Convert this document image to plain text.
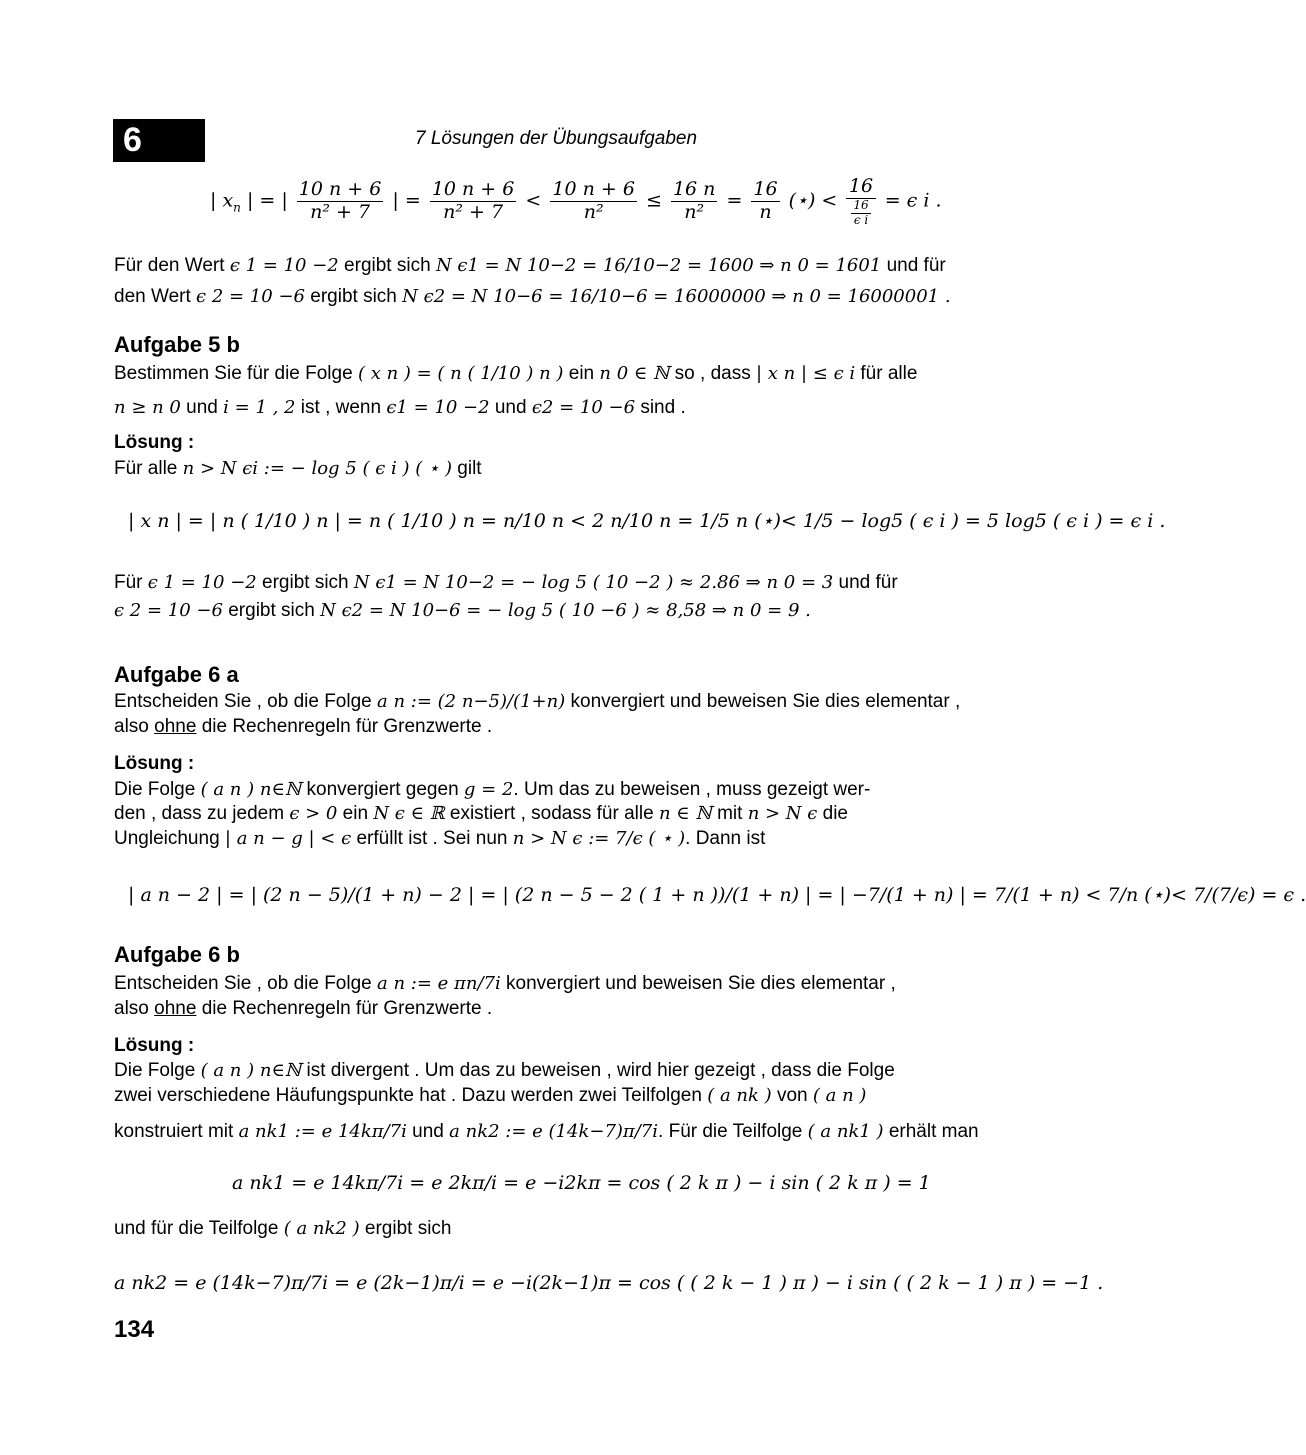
6	7 Lösungen der Übungsaufgaben
| $x_n$ | = | $\frac{10 n + 6}{\text{n² + 7}}$ | = $\frac{10 n + 6}{\text{n² + 7}} < \frac{10 n + 6}{\text{n²}} \le \frac{16 n}{\text{n²}} = \frac{16}{n}$ (⋆) < $\frac{16}{\frac{16}{\text{ϵ i}}} = \epsilon$ i .
Für den Wert ϵ 1 = 10 −2 ergibt sich N ϵ1 = N 10−2 = 16/10−2 = 1600 ⇒ n 0 = 1601 und für
den Wert ϵ 2 = 10 −6 ergibt sich N ϵ2 = N 10−6 = 16/10−6 = 16000000 ⇒ n 0 = 16000001 .
Aufgabe 5 b
Bestimmen Sie für die Folge ( x n ) = ( n ( 1/10 ) n ) ein n 0 ∈ ℕ so , dass | x n | ≤ ϵ i für alle
n ≥ n 0 und i = 1 , 2 ist , wenn ϵ1 = 10 −2 und ϵ2 = 10 −6 sind .
Lösung :
Für alle n > N ϵi := − log 5 ( ϵ i ) ( ⋆ ) gilt
| x n | = | n ( 1/10 ) n | = n ( 1/10 ) n = n/10 n < 2 n/10 n = 1/5 n (⋆)< 1/5 − log5 ( ϵ i ) = 5 log5 ( ϵ i ) = ϵ i .
Für ϵ 1 = 10 −2 ergibt sich N ϵ1 = N 10−2 = − log 5 ( 10 −2 ) ≈ 2.86 ⇒ n 0 = 3 und für
ϵ 2 = 10 −6 ergibt sich N ϵ2 = N 10−6 = − log 5 ( 10 −6 ) ≈ 8,58 ⇒ n 0 = 9 .
Aufgabe 6 a
Entscheiden Sie , ob die Folge a n := (2 n−5)/(1+n) konvergiert und beweisen Sie dies elementar ,
also ohne die Rechenregeln für Grenzwerte .
Lösung :
Die Folge ( a n ) n∈ℕ konvergiert gegen g = 2. Um das zu beweisen , muss gezeigt wer-
den , dass zu jedem ϵ > 0 ein N ϵ ∈ ℝ existiert , sodass für alle n ∈ ℕ mit n > N ϵ die
Ungleichung | a n − g | < ϵ erfüllt ist . Sei nun n > N ϵ := 7/ϵ ( ⋆ ). Dann ist
| a n − 2 | = | (2 n − 5)/(1 + n) − 2 | = | (2 n − 5 − 2 ( 1 + n ))/(1 + n) | = | −7/(1 + n) | = 7/(1 + n) < 7/n (⋆)< 7/(7/ϵ) = ϵ .
Aufgabe 6 b
Entscheiden Sie , ob die Folge a n := e πn/7i konvergiert und beweisen Sie dies elementar ,
also ohne die Rechenregeln für Grenzwerte .
Lösung :
Die Folge ( a n ) n∈ℕ ist divergent . Um das zu beweisen , wird hier gezeigt , dass die Folge
zwei verschiedene Häufungspunkte hat . Dazu werden zwei Teilfolgen ( a nk ) von ( a n )
konstruiert mit a nk1 := e 14kπ/7i und a nk2 := e (14k−7)π/7i. Für die Teilfolge ( a nk1 ) erhält man
a nk1 = e 14kπ/7i = e 2kπ/i = e −i2kπ = cos ( 2 k π ) − i sin ( 2 k π ) = 1
und für die Teilfolge ( a nk2 ) ergibt sich
a nk2 = e (14k−7)π/7i = e (2k−1)π/i = e −i(2k−1)π = cos ( ( 2 k − 1 ) π ) − i sin ( ( 2 k − 1 ) π ) = −1 .
134
